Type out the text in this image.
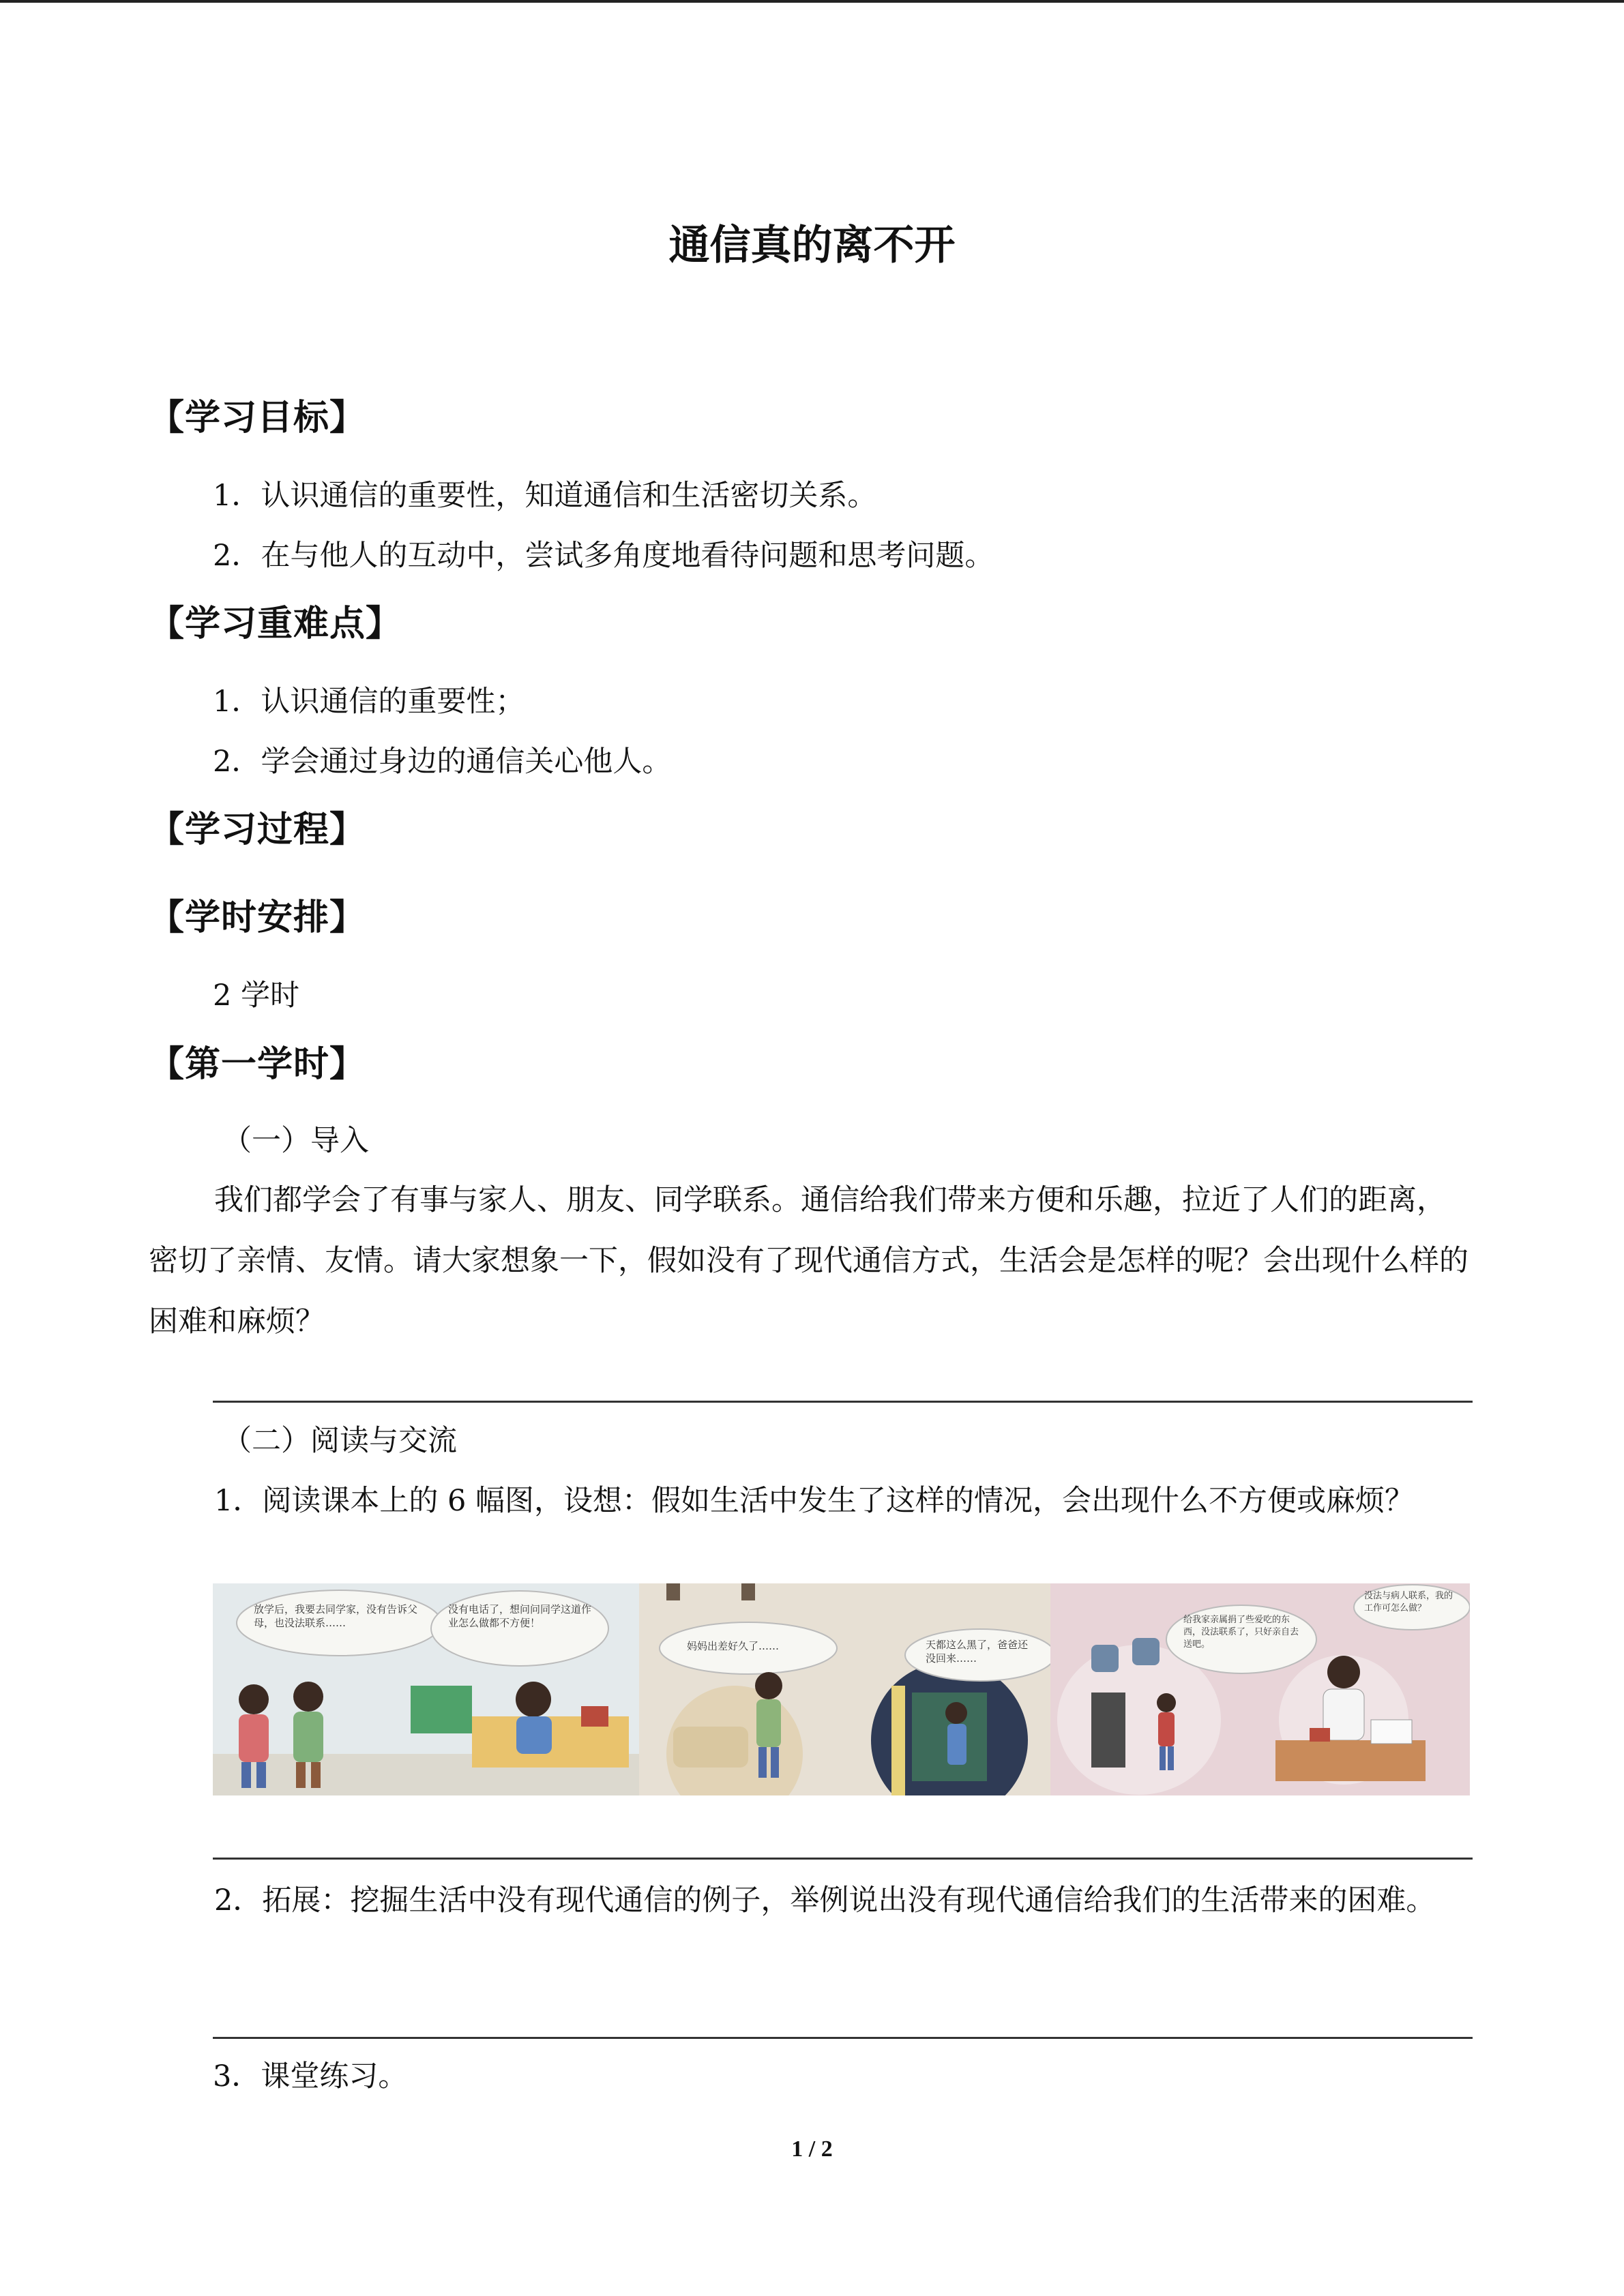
通信真的离不开
【学习目标】
1．认识通信的重要性，知道通信和生活密切关系。
2．在与他人的互动中，尝试多角度地看待问题和思考问题。
【学习重难点】
1．认识通信的重要性；
2．学会通过身边的通信关心他人。
【学习过程】
【学时安排】
2 学时
【第一学时】
（一）导入
我们都学会了有事与家人、朋友、同学联系。通信给我们带来方便和乐趣，拉近了人们的距离，密切了亲情、友情。请大家想象一下，假如没有了现代通信方式，生活会是怎样的呢？会出现什么样的困难和麻烦？
（二）阅读与交流
1．阅读课本上的 6 幅图，设想：假如生活中发生了这样的情况，会出现什么不方便或麻烦？
放学后，我要去同学家，没有告诉父母，也没法联系……
没有电话了，想问问同学这道作业怎么做都不方便！
妈妈出差好久了……	天都这么黑了，爸爸还没回来……
给我家亲属捐了些爱吃的东西，没法联系了，只好亲自去送吧。
没法与病人联系，我的工作可怎么做？
2．拓展：挖掘生活中没有现代通信的例子，举例说出没有现代通信给我们的生活带来的困难。
3．课堂练习。
1 / 2
